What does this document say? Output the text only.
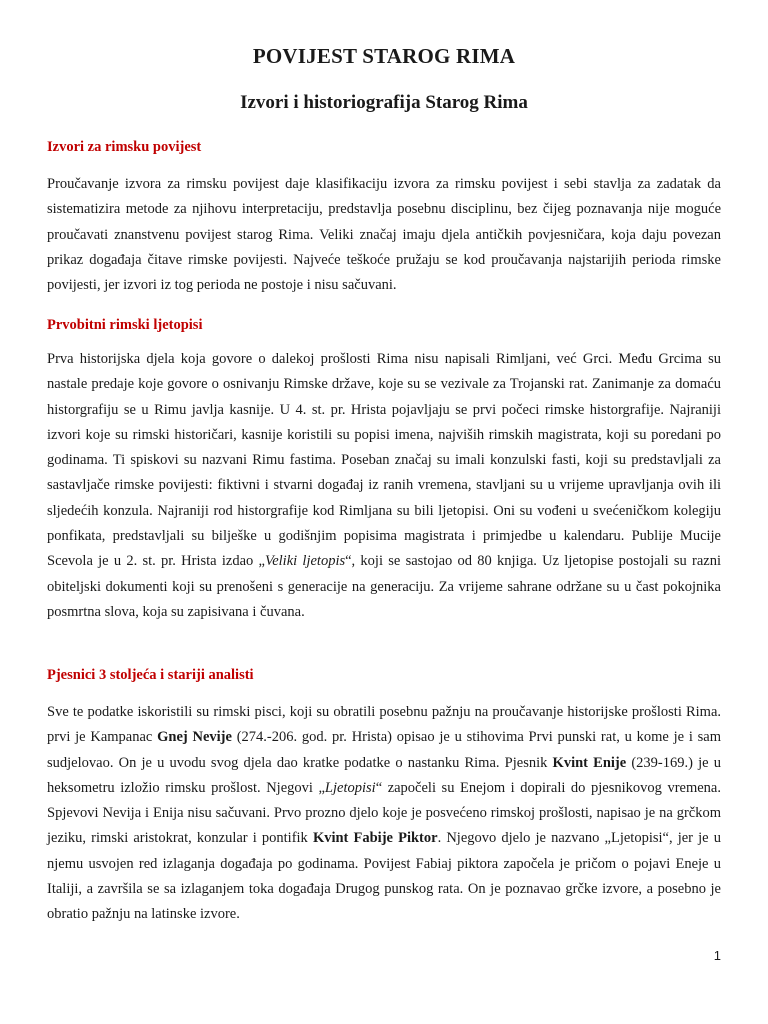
POVIJEST STAROG RIMA
Izvori i historiografija Starog Rima
Izvori za rimsku povijest

Proučavanje izvora za rimsku povijest daje klasifikaciju izvora za rimsku povijest i sebi stavlja za zadatak da sistematizira metode za njihovu interpretaciju, predstavlja posebnu disciplinu, bez čijeg poznavanja nije moguće proučavati znanstvenu povijest starog Rima. Veliki značaj imaju djela antičkih povjesničara, koja daju povezan prikaz događaja čitave rimske povijesti. Najveće teškoće pružaju se kod proučavanja najstarijih perioda rimske povijesti, jer izvori iz tog perioda ne postoje i nisu sačuvani.

Prvobitni rimski ljetopisi

Prva historijska djela koja govore o dalekoj prošlosti Rima nisu napisali Rimljani, već Grci. Među Grcima su nastale predaje koje govore o osnivanju Rimske države, koje su se vezivale za Trojanski rat. Zanimanje za domaću historgrafiju se u Rimu javlja kasnije. U 4. st. pr. Hrista pojavljaju se prvi počeci rimske historgrafije. Najraniji izvori koje su rimski historičari, kasnije koristili su popisi imena, najviših rimskih magistrata, koji su poredani po godinama. Ti spiskovi su nazvani Rimu fastima. Poseban značaj su imali konzulski fasti, koji su predstavljali za sastavljače rimske povijesti: fiktivni i stvarni događaj iz ranih vremena, stavljani su u vrijeme upravljanja ovih ili sljedećih konzula. Najraniji rod historgrafije kod Rimljana su bili ljetopisi. Oni su vođeni u svećeničkom kolegiju ponfikata, predstavljali su bilješke u godišnjim popisima magistrata i primjedbe u kalendaru. Publije Mucije Scevola je u 2. st. pr. Hrista izdao „Veliki ljetopis“, koji se sastojao od 80 knjiga. Uz ljetopise postojali su razni obiteljski dokumenti koji su prenošeni s generacije na generaciju. Za vrijeme sahrane održane su u čast pokojnika posmrtna slova, koja su zapisivana i čuvana.

Pjesnici 3 stoljeća i stariji analisti

Sve te podatke iskoristili su rimski pisci, koji su obratili posebnu pažnju na proučavanje historijske prošlosti Rima. prvi je Kampanac Gnej Nevije (274.-206. god. pr. Hrista) opisao je u stihovima Prvi punski rat, u kome je i sam sudjelovao. On je u uvodu svog djela dao kratke podatke o nastanku Rima. Pjesnik Kvint Enije (239-169.) je u heksometru izložio rimsku prošlost. Njegovi „Ljetopisi“ započeli su Enejom i dopirali do pjesnikovog vremena. Spjevovi Nevija i Enija nisu sačuvani. Prvo prozno djelo koje je posvećeno rimskoj prošlosti, napisao je na grčkom jeziku, rimski aristokrat, konzular i pontifik Kvint Fabije Piktor. Njegovo djelo je nazvano „Ljetopisi“, jer je u njemu usvojen red izlaganja događaja po godinama. Povijest Fabiaj piktora započela je pričom o pojavi Eneje u Italiji, a završila se sa izlaganjem toka događaja Drugog punskog rata. On je poznavao grčke izvore, a posebno je obratio pažnju na latinske izvore.

1
